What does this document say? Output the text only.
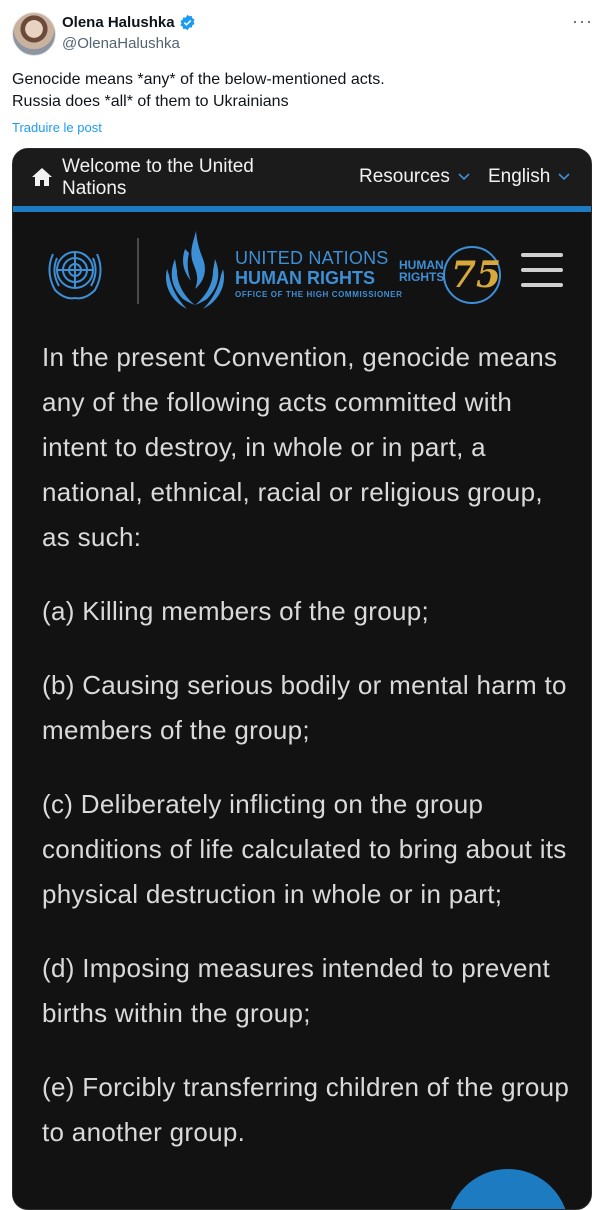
Olena Halushka
@OlenaHalushka
···
Genocide means *any* of the below-mentioned acts.
Russia does *all* of them to Ukrainians
Traduire le post
Welcome to the United Nations
Resources English
UNITED NATIONS
HUMAN RIGHTS
OFFICE OF THE HIGH COMMISSIONER
HUMAN
RIGHTS 75

In the present Convention, genocide means any of the following acts committed with intent to destroy, in whole or in part, a national, ethnical, racial or religious group, as such:

(a) Killing members of the group;

(b) Causing serious bodily or mental harm to members of the group;

(c) Deliberately inflicting on the group conditions of life calculated to bring about its physical destruction in whole or in part;

(d) Imposing measures intended to prevent births within the group;

(e) Forcibly transferring children of the group to another group.
